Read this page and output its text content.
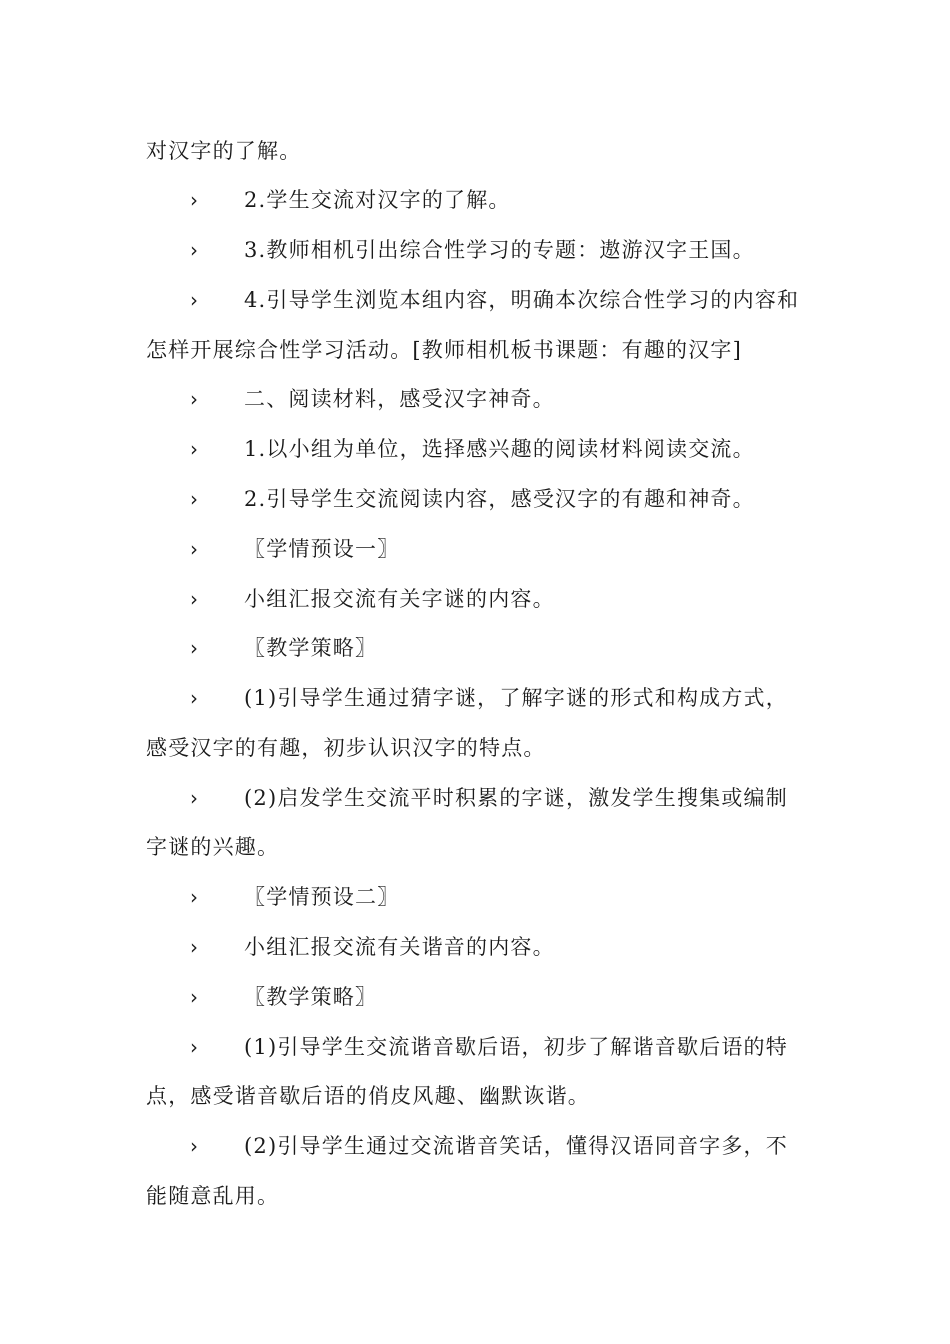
对汉字的了解。
› 2.学生交流对汉字的了解。
› 3.教师相机引出综合性学习的专题：遨游汉字王国。
› 4.引导学生浏览本组内容，明确本次综合性学习的内容和
怎样开展综合性学习活动。[教师相机板书课题：有趣的汉字]
› 二、阅读材料，感受汉字神奇。
› 1.以小组为单位，选择感兴趣的阅读材料阅读交流。
› 2.引导学生交流阅读内容，感受汉字的有趣和神奇。
› 〖学情预设一〗
› 小组汇报交流有关字谜的内容。
› 〖教学策略〗
› (1)引导学生通过猜字谜，了解字谜的形式和构成方式，
感受汉字的有趣，初步认识汉字的特点。
› (2)启发学生交流平时积累的字谜，激发学生搜集或编制
字谜的兴趣。
› 〖学情预设二〗
› 小组汇报交流有关谐音的内容。
› 〖教学策略〗
› (1)引导学生交流谐音歇后语，初步了解谐音歇后语的特
点，感受谐音歇后语的俏皮风趣、幽默诙谐。
› (2)引导学生通过交流谐音笑话，懂得汉语同音字多，不
能随意乱用。
